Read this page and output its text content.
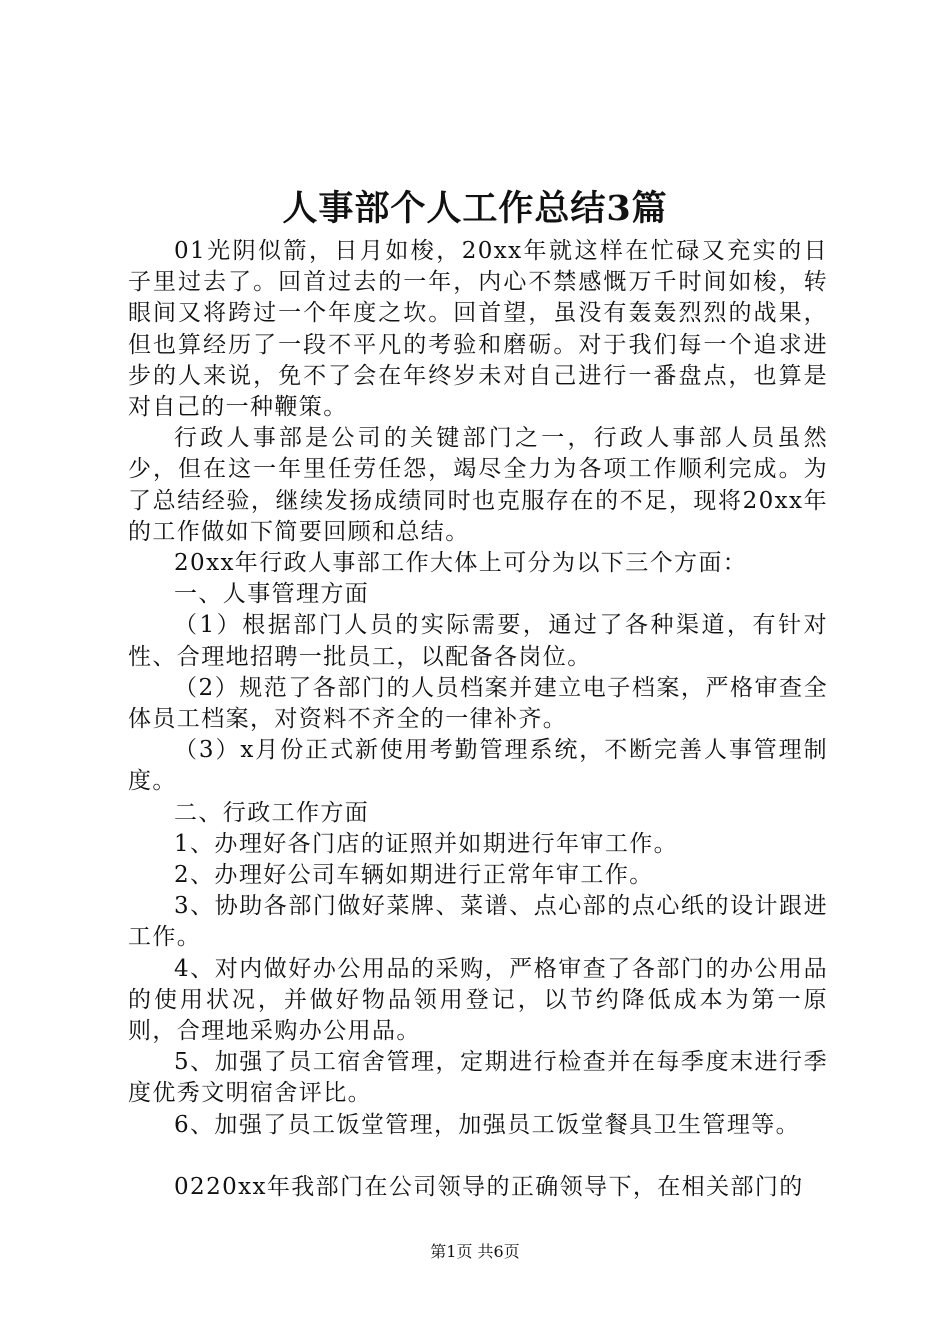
人事部个人工作总结3篇

01光阴似箭，日月如梭，20xx年就这样在忙碌又充实的日子里过去了。回首过去的一年，内心不禁感慨万千时间如梭，转眼间又将跨过一个年度之坎。回首望，虽没有轰轰烈烈的战果，但也算经历了一段不平凡的考验和磨砺。对于我们每一个追求进步的人来说，免不了会在年终岁未对自己进行一番盘点，也算是对自己的一种鞭策。

行政人事部是公司的关键部门之一，行政人事部人员虽然少，但在这一年里任劳任怨，竭尽全力为各项工作顺利完成。为了总结经验，继续发扬成绩同时也克服存在的不足，现将20xx年的工作做如下简要回顾和总结。

20xx年行政人事部工作大体上可分为以下三个方面：

一、人事管理方面

（1）根据部门人员的实际需要，通过了各种渠道，有针对性、合理地招聘一批员工，以配备各岗位。

（2）规范了各部门的人员档案并建立电子档案，严格审查全体员工档案，对资料不齐全的一律补齐。

（3）x月份正式新使用考勤管理系统，不断完善人事管理制度。

二、行政工作方面

1、办理好各门店的证照并如期进行年审工作。

2、办理好公司车辆如期进行正常年审工作。

3、协助各部门做好菜牌、菜谱、点心部的点心纸的设计跟进工作。

4、对内做好办公用品的采购，严格审查了各部门的办公用品的使用状况，并做好物品领用登记，以节约降低成本为第一原则，合理地采购办公用品。

5、加强了员工宿舍管理，定期进行检查并在每季度末进行季度优秀文明宿舍评比。

6、加强了员工饭堂管理，加强员工饭堂餐具卫生管理等。

0220xx年我部门在公司领导的正确领导下，在相关部门的

第1页 共6页
